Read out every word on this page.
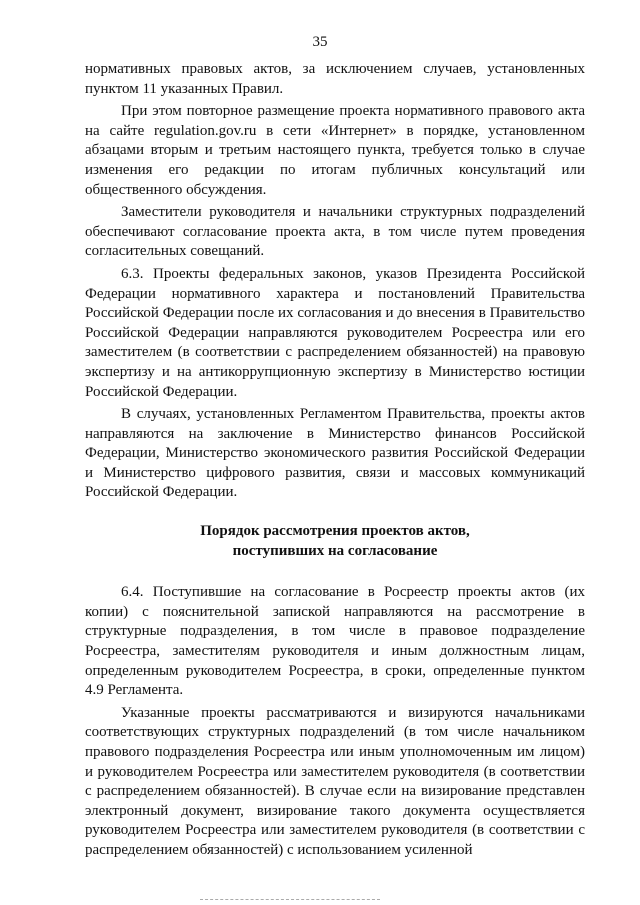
35

нормативных правовых актов, за исключением случаев, установленных пунктом 11 указанных Правил.

При этом повторное размещение проекта нормативного правового акта на сайте regulation.gov.ru в сети «Интернет» в порядке, установленном абзацами вторым и третьим настоящего пункта, требуется только в случае изменения его редакции по итогам публичных консультаций или общественного обсуждения.

Заместители руководителя и начальники структурных подразделений обеспечивают согласование проекта акта, в том числе путем проведения согласительных совещаний.

6.3. Проекты федеральных законов, указов Президента Российской Федерации нормативного характера и постановлений Правительства Российской Федерации после их согласования и до внесения в Правительство Российской Федерации направляются руководителем Росреестра или его заместителем (в соответствии с распределением обязанностей) на правовую экспертизу и на антикоррупционную экспертизу в Министерство юстиции Российской Федерации.

В случаях, установленных Регламентом Правительства, проекты актов направляются на заключение в Министерство финансов Российской Федерации, Министерство экономического развития Российской Федерации и Министерство цифрового развития, связи и массовых коммуникаций Российской Федерации.

Порядок рассмотрения проектов актов,
поступивших на согласование

6.4. Поступившие на согласование в Росреестр проекты актов (их копии) с пояснительной запиской направляются на рассмотрение в структурные подразделения, в том числе в правовое подразделение Росреестра, заместителям руководителя и иным должностным лицам, определенным руководителем Росреестра, в сроки, определенные пунктом 4.9 Регламента.

Указанные проекты рассматриваются и визируются начальниками соответствующих структурных подразделений (в том числе начальником правового подразделения Росреестра или иным уполномоченным им лицом) и руководителем Росреестра или заместителем руководителя (в соответствии с распределением обязанностей). В случае если на визирование представлен электронный документ, визирование такого документа осуществляется руководителем Росреестра или заместителем руководителя (в соответствии с распределением обязанностей) с использованием усиленной
